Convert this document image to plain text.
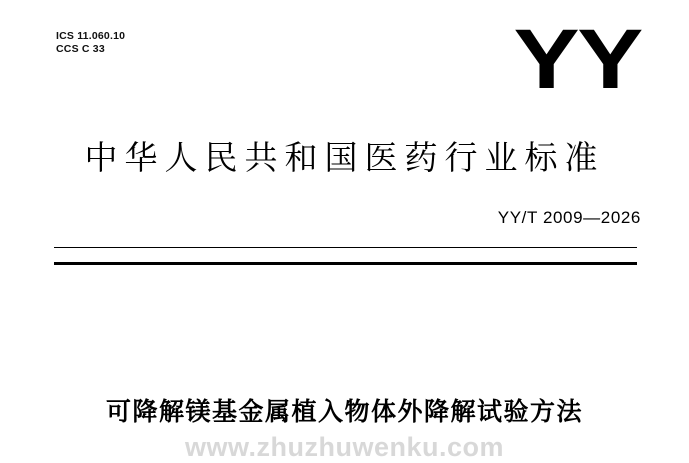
ICS 11.060.10
CCS C 33	YY
中华人民共和国医药行业标准
YY/T 2009—2026
可降解镁基金属植入物体外降解试验方法
www.zhuzhuwenku.com
